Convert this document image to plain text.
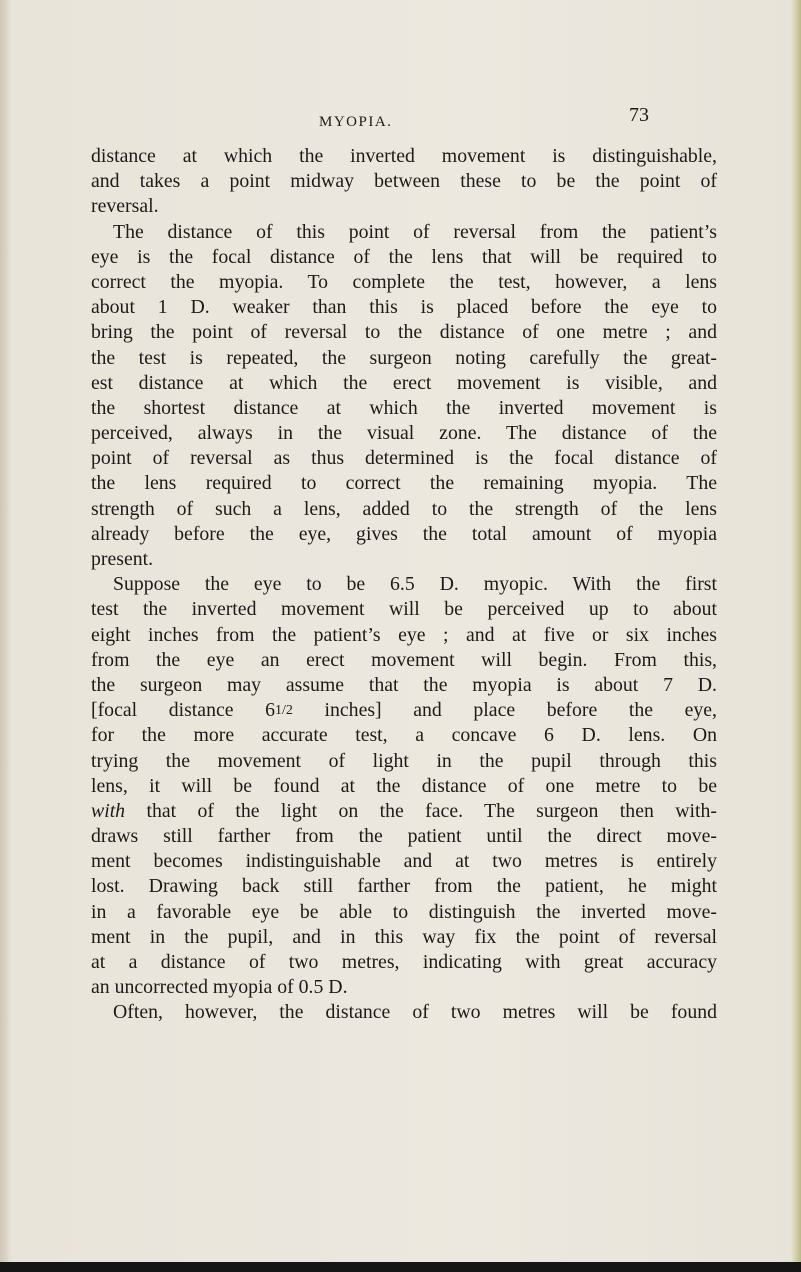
MYOPIA.	73
distance at which the inverted movement is distinguishable,
and takes a point midway between these to be the point of
reversal.
The distance of this point of reversal from the patient’s
eye is the focal distance of the lens that will be required to
correct the myopia. To complete the test, however, a lens
about 1 D. weaker than this is placed before the eye to
bring the point of reversal to the distance of one metre ; and
the test is repeated, the surgeon noting carefully the great-
est distance at which the erect movement is visible, and
the shortest distance at which the inverted movement is
perceived, always in the visual zone. The distance of the
point of reversal as thus determined is the focal distance of
the lens required to correct the remaining myopia. The
strength of such a lens, added to the strength of the lens
already before the eye, gives the total amount of myopia
present.
Suppose the eye to be 6.5 D. myopic. With the first
test the inverted movement will be perceived up to about
eight inches from the patient’s eye ; and at five or six inches
from the eye an erect movement will begin. From this,
the surgeon may assume that the myopia is about 7 D.
[focal distance 61/2 inches] and place before the eye,
for the more accurate test, a concave 6 D. lens. On
trying the movement of light in the pupil through this
lens, it will be found at the distance of one metre to be
with that of the light on the face. The surgeon then with-
draws still farther from the patient until the direct move-
ment becomes indistinguishable and at two metres is entirely
lost. Drawing back still farther from the patient, he might
in a favorable eye be able to distinguish the inverted move-
ment in the pupil, and in this way fix the point of reversal
at a distance of two metres, indicating with great accuracy
an uncorrected myopia of 0.5 D.
Often, however, the distance of two metres will be found
